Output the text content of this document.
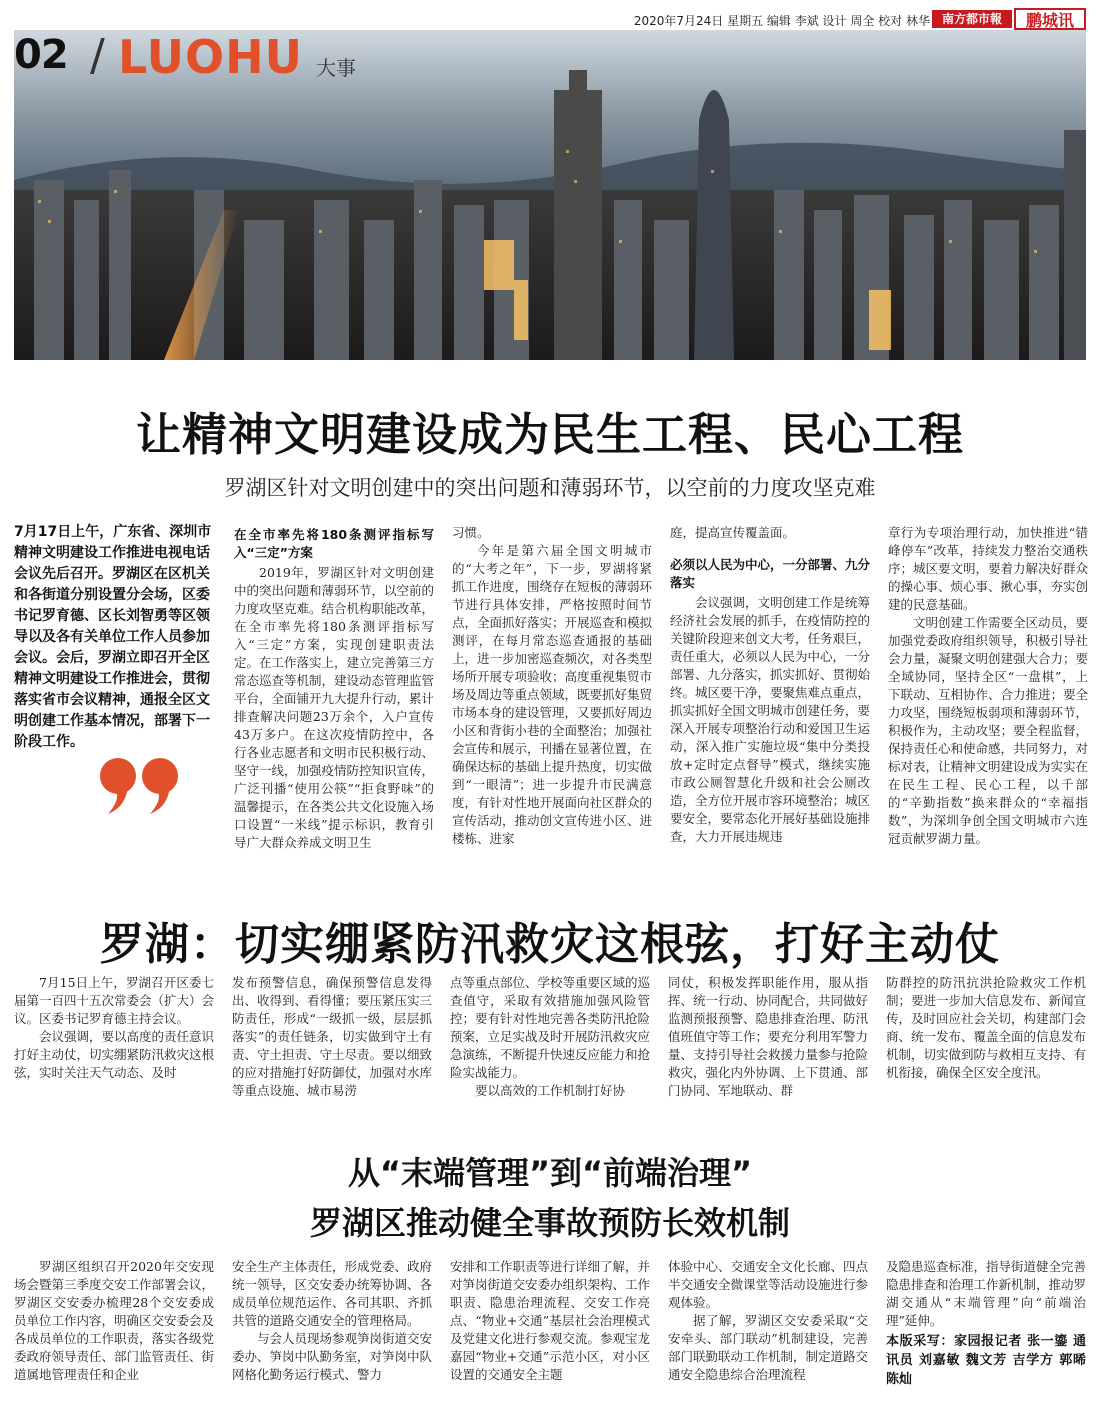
2020年7月24日 星期五 编辑 李斌 设计 周全 校对 林华 南方都市報	鹏城讯
02 / LUOHU 大事
让精神文明建设成为民生工程、民心工程
罗湖区针对文明创建中的突出问题和薄弱环节，以空前的力度攻坚克难
7月17日上午，广东省、深圳市精神文明建设工作推进电视电话会议先后召开。罗湖区在区机关和各街道分别设置分会场，区委书记罗育德、区长刘智勇等区领导以及各有关单位工作人员参加会议。会后，罗湖立即召开全区精神文明建设工作推进会，贯彻落实省市会议精神，通报全区文明创建工作基本情况，部署下一阶段工作。
在全市率先将180条测评指标写入“三定”方案

2019年，罗湖区针对文明创建中的突出问题和薄弱环节，以空前的力度攻坚克难。结合机构职能改革，在全市率先将180条测评指标写入“三定”方案，实现创建职责法定。在工作落实上，建立完善第三方常态巡查等机制，建设动态管理监管平台，全面铺开九大提升行动，累计排查解决问题23万余个，入户宣传43万多户。在这次疫情防控中，各行各业志愿者和文明市民积极行动、坚守一线，加强疫情防控知识宣传，广泛刊播“使用公筷”“拒食野味”的温馨提示，在各类公共文化设施入场口设置“一米线”提示标识，教育引导广大群众养成文明卫生

习惯。

今年是第六届全国文明城市的“大考之年”，下一步，罗湖将紧抓工作进度，围绕存在短板的薄弱环节进行具体安排，严格按照时间节点，全面抓好落实；开展巡查和模拟测评，在每月常态巡查通报的基础上，进一步加密巡查频次，对各类型场所开展专项验收；高度重视集贸市场及周边等重点领域，既要抓好集贸市场本身的建设管理，又要抓好周边小区和背街小巷的全面整治；加强社会宣传和展示，刊播在显著位置，在确保达标的基础上提升热度，切实做到“一眼清”；进一步提升市民满意度，有针对性地开展面向社区群众的宣传活动，推动创文宣传进小区、进楼栋、进家

庭，提高宣传覆盖面。

必须以人民为中心，一分部署、九分落实

会议强调，文明创建工作是统筹经济社会发展的抓手，在疫情防控的关键阶段迎来创文大考，任务艰巨，责任重大，必须以人民为中心，一分部署、九分落实，抓实抓好、贯彻始终。城区要干净，要聚焦难点重点，抓实抓好全国文明城市创建任务，要深入开展专项整治行动和爱国卫生运动，深入推广实施垃圾“集中分类投放+定时定点督导”模式，继续实施市政公厕智慧化升级和社会公厕改造，全方位开展市容环境整治；城区要安全，要常态化开展好基础设施排查，大力开展违规违

章行为专项治理行动，加快推进“错峰停车”改革，持续发力整治交通秩序；城区要文明，要着力解决好群众的操心事、烦心事、揪心事，夯实创建的民意基础。

文明创建工作需要全区动员，要加强党委政府组织领导，积极引导社会力量，凝聚文明创建强大合力；要全域协同，坚持全区“一盘棋”，上下联动、互相协作、合力推进；要全力攻坚，围绕短板弱项和薄弱环节，积极作为，主动攻坚；要全程监督，保持责任心和使命感，共同努力，对标对表，让精神文明建设成为实实在在民生工程、民心工程，以千部的“辛勤指数”换来群众的“幸福指数”，为深圳争创全国文明城市六连冠贡献罗湖力量。

罗湖：切实绷紧防汛救灾这根弦，打好主动仗

7月15日上午，罗湖召开区委七届第一百四十五次常委会（扩大）会议。区委书记罗育德主持会议。

会议强调，要以高度的责任意识打好主动仗，切实绷紧防汛救灾这根弦，实时关注天气动态、及时

发布预警信息，确保预警信息发得出、收得到、看得懂；要压紧压实三防责任，形成“一级抓一级，层层抓落实”的责任链条，切实做到守土有责、守土担责、守土尽责。要以细致的应对措施打好防御仗，加强对水库等重点设施、城市易涝

点等重点部位、学校等重要区域的巡查值守，采取有效措施加强风险管控；要有针对性地完善各类防汛抢险预案，立足实战及时开展防汛救灾应急演练，不断提升快速反应能力和抢险实战能力。

要以高效的工作机制打好协

同仗，积极发挥职能作用，服从指挥、统一行动、协同配合，共同做好监测预报预警、隐患排查治理、防汛值班值守等工作；要充分利用军警力量、支持引导社会救援力量参与抢险救灾，强化内外协调、上下贯通、部门协同、军地联动、群

防群控的防汛抗洪抢险救灾工作机制；要进一步加大信息发布、新闻宣传，及时回应社会关切，构建部门会商、统一发布、覆盖全面的信息发布机制，切实做到防与救相互支持、有机衔接，确保全区安全度汛。

从“末端管理”到“前端治理”
罗湖区推动健全事故预防长效机制

罗湖区组织召开2020年交安现场会暨第三季度交安工作部署会议，罗湖区交安委办梳理28个交安委成员单位工作内容，明确区交安委会及各成员单位的工作职责，落实各级党委政府领导责任、部门监管责任、街道属地管理责任和企业

安全生产主体责任，形成党委、政府统一领导，区交安委办统筹协调、各成员单位规范运作、各司其职、齐抓共管的道路交通安全的管理格局。

与会人员现场参观笋岗街道交安委办、笋岗中队勤务室，对笋岗中队网格化勤务运行模式、警力

安排和工作职责等进行详细了解，并对笋岗街道交安委办组织架构、工作职责、隐患治理流程、交安工作亮点、“物业+交通”基层社会治理模式及党建文化进行参观交流。参观宝龙嘉园“物业+交通”示范小区，对小区设置的交通安全主题

体验中心、交通安全文化长廊、四点半交通安全微课堂等活动设施进行参观体验。

据了解，罗湖区交安委采取“交安牵头、部门联动”机制建设，完善部门联勤联动工作机制，制定道路交通安全隐患综合治理流程

及隐患巡查标准，指导街道健全完善隐患排查和治理工作新机制，推动罗湖交通从“末端管理”向“前端治理”延伸。

本版采写：家园报记者 张一鎏 通讯员 刘嘉敏 魏文芳 吉学方 郭晞 陈灿
